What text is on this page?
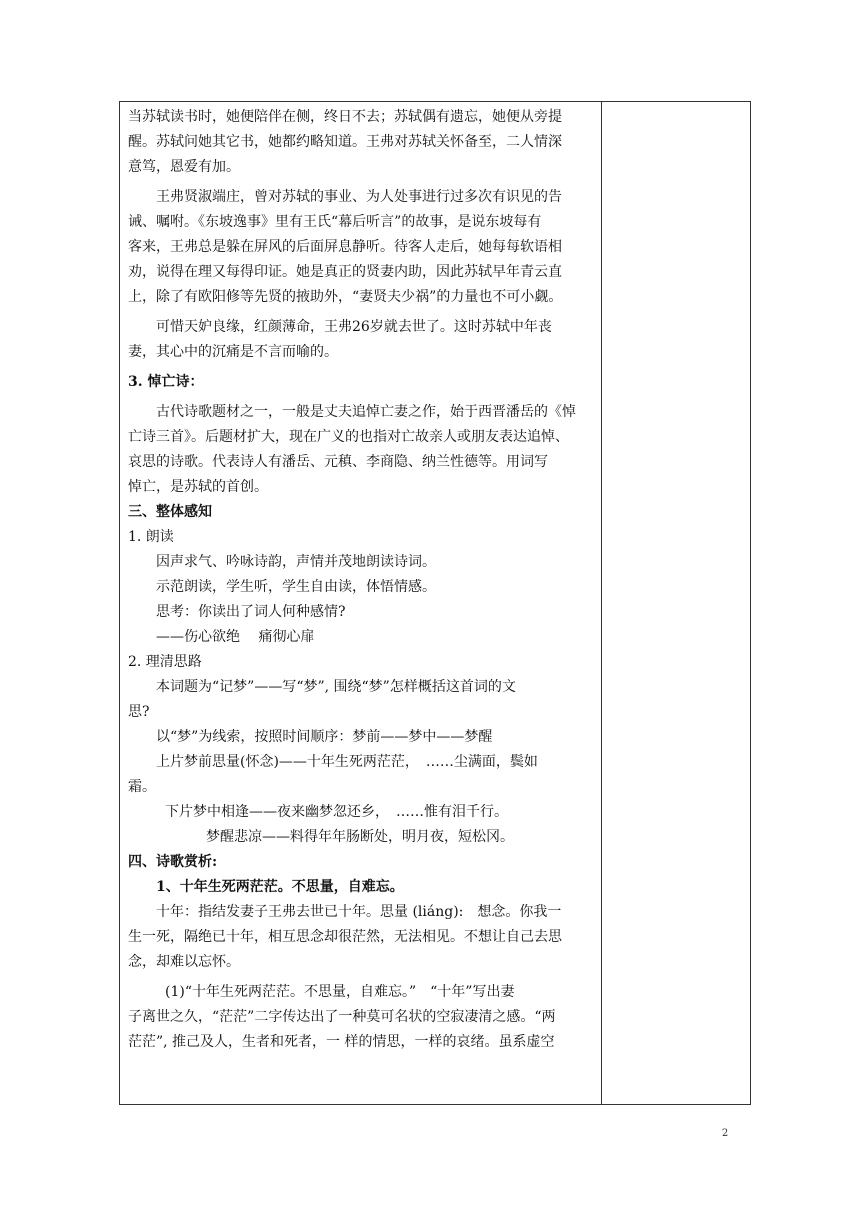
当苏轼读书时，她便陪伴在侧，终日不去；苏轼偶有遗忘，她便从旁提
醒。苏轼问她其它书，她都约略知道。王弗对苏轼关怀备至，二人情深
意笃，恩爱有加。
王弗贤淑端庄，曾对苏轼的事业、为人处事进行过多次有识见的告
诫、嘱咐。《东坡逸事》里有王氏“幕后听言”的故事，是说东坡每有
客来，王弗总是躲在屏风的后面屏息静听。待客人走后，她每每软语相
劝，说得在理又每得印证。她是真正的贤妻内助，因此苏轼早年青云直
上，除了有欧阳修等先贤的掖助外，“妻贤夫少祸”的力量也不可小觑。
可惜天妒良缘，红颜薄命，王弗26岁就去世了。这时苏轼中年丧
妻，其心中的沉痛是不言而喻的。
3. 悼亡诗：
古代诗歌题材之一，一般是丈夫追悼亡妻之作，始于西晋潘岳的《悼
亡诗三首》。后题材扩大，现在广义的也指对亡故亲人或朋友表达追悼、
哀思的诗歌。代表诗人有潘岳、元稹、李商隐、纳兰性德等。用词写
悼亡，是苏轼的首创。
三、整体感知
1. 朗读
因声求气、吟咏诗韵，声情并茂地朗读诗词。
示范朗读，学生听，学生自由读，体悟情感。
思考：你读出了词人何种感情?
——伤心欲绝　 痛彻心扉
2. 理清思路
本词题为“记梦”——写“梦”, 围绕“梦”怎样概括这首词的文
思?
以“梦”为线索，按照时间顺序：梦前——梦中——梦醒
上片梦前思量(怀念)——十年生死两茫茫，　……尘满面，鬓如
霜。
下片梦中相逢——夜来幽梦忽还乡，　……惟有泪千行。
梦醒悲凉——料得年年肠断处，明月夜，短松冈。
四、诗歌赏析:
1、十年生死两茫茫。不思量，自难忘。
十年：指结发妻子王弗去世已十年。思量 (liáng):　想念。你我一
生一死，隔绝已十年，相互思念却很茫然，无法相见。不想让自己去思
念，却难以忘怀。
(1)“十年生死两茫茫。不思量，自难忘。”　“十年”写出妻
子离世之久，“茫茫”二字传达出了一种莫可名状的空寂凄清之感。“两
茫茫”, 推己及人，生者和死者，一 样的情思，一样的哀绪。虽系虚空
2
